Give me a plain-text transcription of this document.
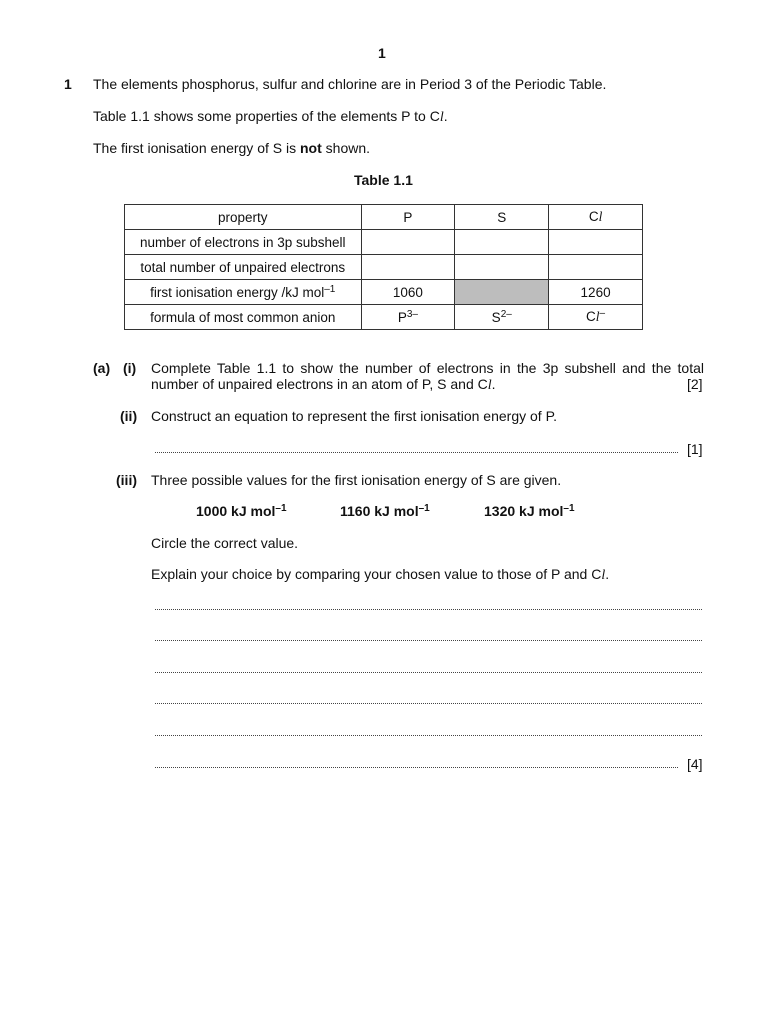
1
1 The elements phosphorus, sulfur and chlorine are in Period 3 of the Periodic Table.
Table 1.1 shows some properties of the elements P to Cl.
The first ionisation energy of S is not shown.
Table 1.1
property	P	S	Cl
number of electrons in 3p subshell			
total number of unpaired electrons			
first ionisation energy /kJ mol$^{-1}$	1060		1260
formula of most common anion	$P^{3-}$	$S^{2-}$	Cl–
(a) (i) Complete Table 1.1 to show the number of electrons in the 3p subshell and the total
number of unpaired electrons in an atom of P, S and Cl.	[2]
(ii) Construct an equation to represent the first ionisation energy of P.
[1]
(iii) Three possible values for the first ionisation energy of S are given.
1000 kJ mol$^{-1}$	1160 kJ mol$^{-1}$	1320 kJ mol$^{-1}$
Circle the correct value.
Explain your choice by comparing your chosen value to those of P and Cl.
[4]
